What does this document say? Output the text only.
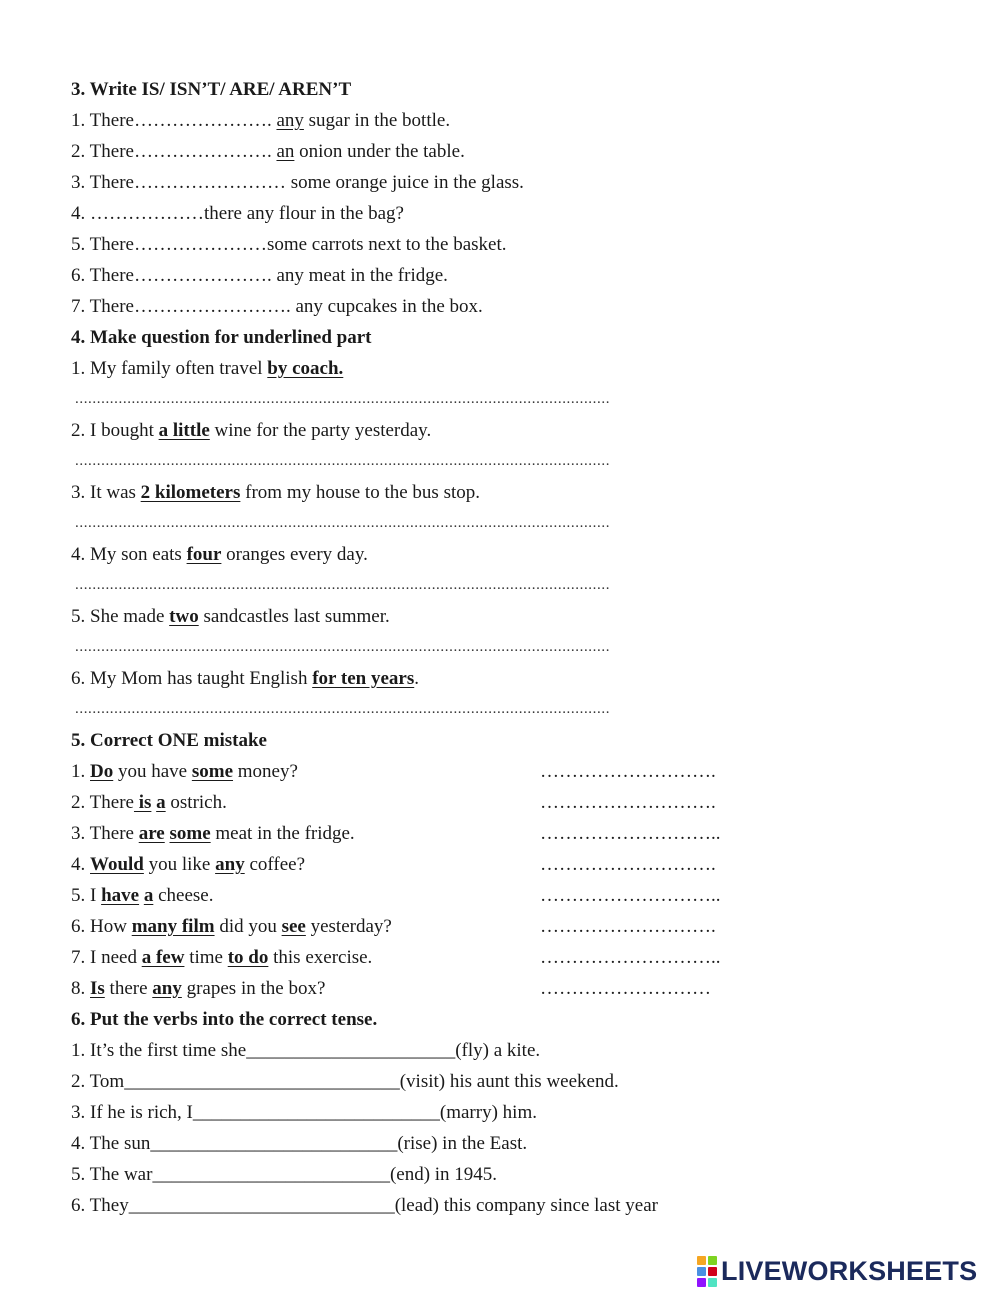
3. Write IS/ ISN’T/ ARE/ AREN’T
1. There…………………. any sugar in the bottle.
2. There…………………. an onion under the table.
3. There…………………… some orange juice in the glass.
4. ………………there any flour in the bag?
5. There…………………some carrots next to the basket.
6. There…………………. any meat in the fridge.
7. There……………………. any cupcakes in the box.
4. Make question for underlined part
1. My family often travel by coach.
...........................................................................................................................
2. I bought a little wine for the party yesterday.
...........................................................................................................................
3. It was 2 kilometers from my house to the bus stop.
...........................................................................................................................
4. My son eats four oranges every day.
...........................................................................................................................
5. She made two sandcastles last summer.
...........................................................................................................................
6. My Mom has taught English for ten years.
...........................................................................................................................
5. Correct ONE mistake
1. Do you have some money?	……………………….
2. There is a ostrich.	……………………….
3. There are some meat in the fridge.	………………………..
4. Would you like any coffee?	……………………….
5. I have a cheese.	………………………..
6. How many film did you see yesterday?	……………………….
7. I need a few time to do this exercise.	………………………..
8. Is there any grapes in the box?	………………………
6. Put the verbs into the correct tense.
1. It’s the first time she______________________(fly) a kite.
2. Tom_____________________________(visit) his aunt this weekend.
3. If he is rich, I__________________________(marry) him.
4. The sun__________________________(rise) in the East.
5. The war_________________________(end) in 1945.
6. They____________________________(lead) this company since last year
LIVEWORKSHEETS
